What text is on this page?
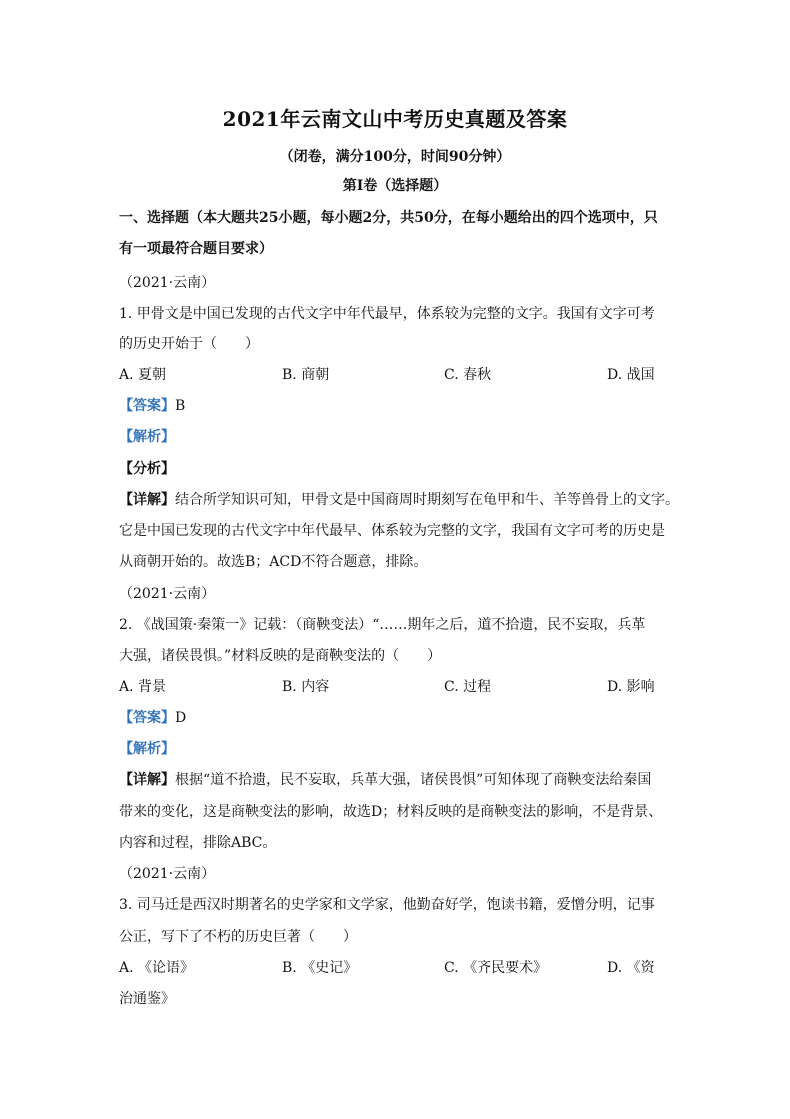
2021年云南文山中考历史真题及答案
（闭卷，满分100分，时间90分钟）
第Ⅰ卷（选择题）
一、选择题（本大题共25小题，每小题2分，共50分，在每小题给出的四个选项中，只
有一项最符合题目要求）
（2021·云南）
1. 甲骨文是中国已发现的古代文字中年代最早，体系较为完整的文字。我国有文字可考
的历史开始于（　　）
A. 夏朝	B. 商朝	C. 春秋	D. 战国
【答案】B
【解析】
【分析】
【详解】结合所学知识可知，甲骨文是中国商周时期刻写在龟甲和牛、羊等兽骨上的文字。
它是中国已发现的古代文字中年代最早、体系较为完整的文字，我国有文字可考的历史是
从商朝开始的。故选B；ACD不符合题意，排除。
（2021·云南）
2. 《战国策·秦策一》记载：（商鞅变法）“……期年之后，道不拾遗，民不妄取，兵革
大强，诸侯畏惧。”材料反映的是商鞅变法的（　　）
A. 背景	B. 内容	C. 过程	D. 影响
【答案】D
【解析】
【详解】根据“道不拾遗，民不妄取，兵革大强，诸侯畏惧”可知体现了商鞅变法给秦国
带来的变化，这是商鞅变法的影响，故选D；材料反映的是商鞅变法的影响，不是背景、
内容和过程，排除ABC。
（2021·云南）
3. 司马迁是西汉时期著名的史学家和文学家，他勤奋好学，饱读书籍，爱憎分明，记事
公正，写下了不朽的历史巨著（　　）
A. 《论语》	B. 《史记》	C. 《齐民要术》	D. 《资
治通鉴》
